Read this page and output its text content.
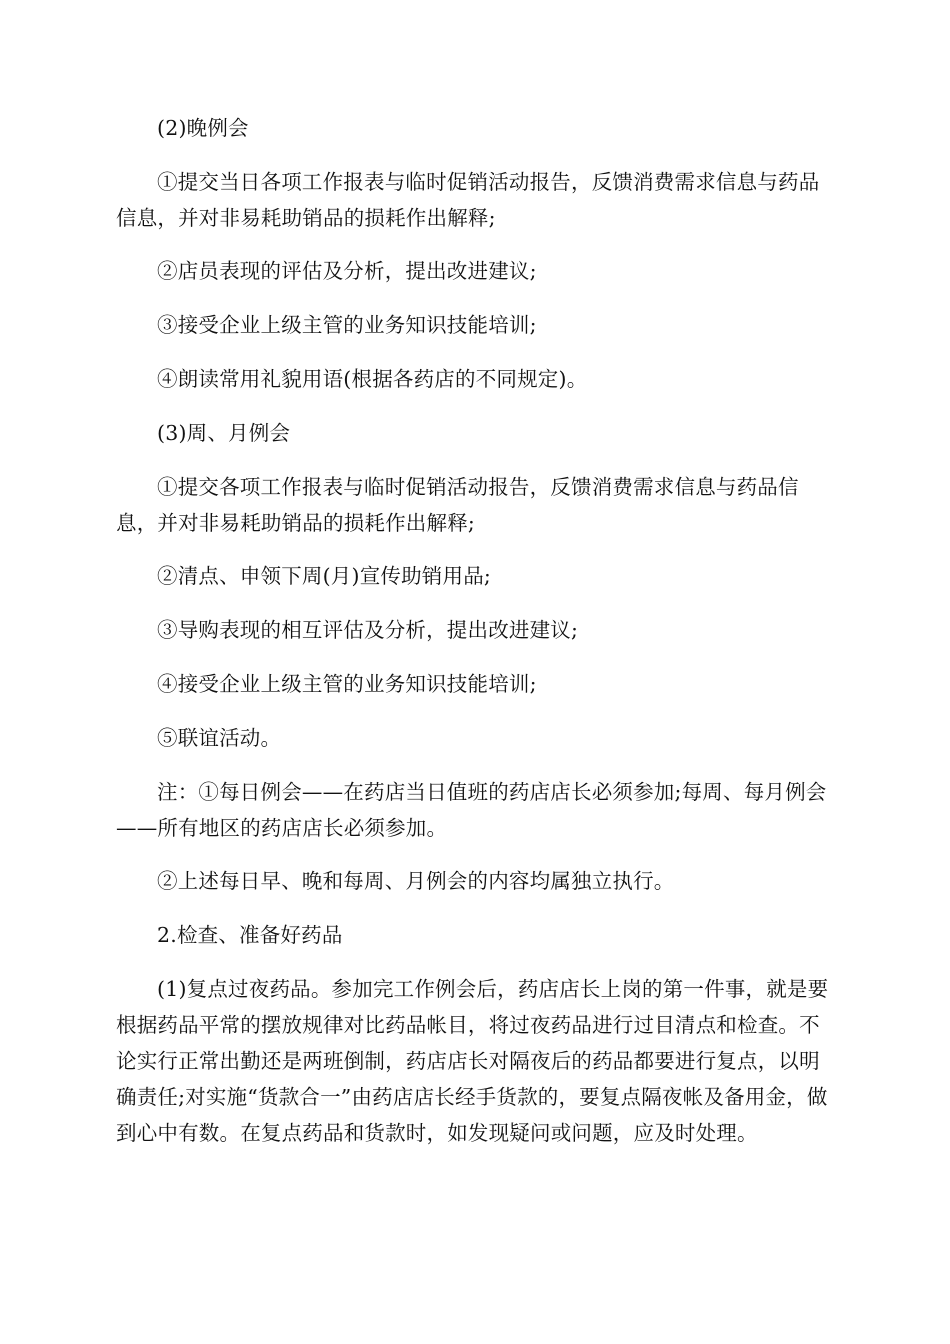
(2)晚例会

①提交当日各项工作报表与临时促销活动报告，反馈消费需求信息与药品信息，并对非易耗助销品的损耗作出解释;

②店员表现的评估及分析，提出改进建议;

③接受企业上级主管的业务知识技能培训;

④朗读常用礼貌用语(根据各药店的不同规定)。

(3)周、月例会

①提交各项工作报表与临时促销活动报告，反馈消费需求信息与药品信息，并对非易耗助销品的损耗作出解释;

②清点、申领下周(月)宣传助销用品;

③导购表现的相互评估及分析，提出改进建议;

④接受企业上级主管的业务知识技能培训;

⑤联谊活动。

注：①每日例会——在药店当日值班的药店店长必须参加;每周、每月例会——所有地区的药店店长必须参加。

②上述每日早、晚和每周、月例会的内容均属独立执行。

2.检查、准备好药品

(1)复点过夜药品。参加完工作例会后，药店店长上岗的第一件事，就是要根据药品平常的摆放规律对比药品帐目，将过夜药品进行过目清点和检查。不论实行正常出勤还是两班倒制，药店店长对隔夜后的药品都要进行复点，以明确责任;对实施“货款合一”由药店店长经手货款的，要复点隔夜帐及备用金，做到心中有数。在复点药品和货款时，如发现疑问或问题，应及时处理。
